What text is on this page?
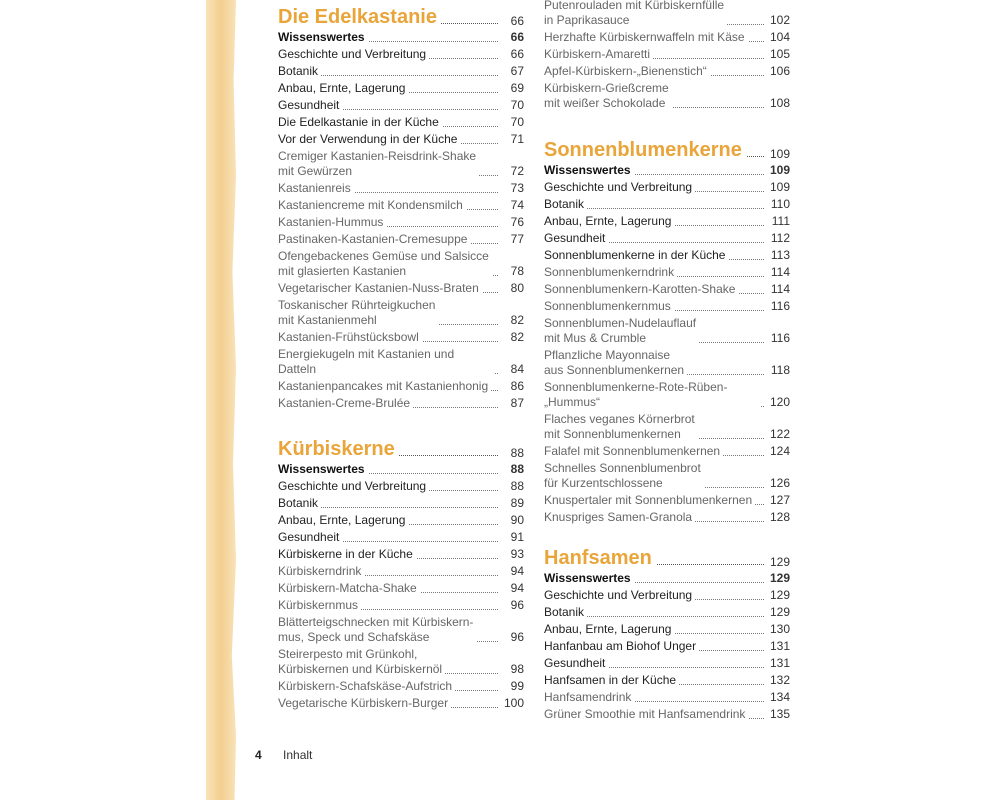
Die Edelkastanie	66
Wissenswertes	66
Geschichte und Verbreitung	66
Botanik	67
Anbau, Ernte, Lagerung	69
Gesundheit	70
Die Edelkastanie in der Küche	70
Vor der Verwendung in der Küche	71
Cremiger Kastanien-Reisdrink-Shake
mit Gewürzen	72
Kastanienreis	73
Kastaniencreme mit Kondensmilch	74
Kastanien-Hummus	76
Pastinaken-Kastanien-Cremesuppe	77
Ofengebackenes Gemüse und Salsicce
mit glasierten Kastanien	78
Vegetarischer Kastanien-Nuss-Braten	80
Toskanischer Rührteigkuchen
mit Kastanienmehl	82
Kastanien-Frühstücksbowl	82
Energiekugeln mit Kastanien und Datteln	84
Kastanienpancakes mit Kastanienhonig 86
Kastanien-Creme-Brulée	87
Kürbiskerne	88
Wissenswertes	88
Geschichte und Verbreitung	88
Botanik	89
Anbau, Ernte, Lagerung	90
Gesundheit	91
Kürbiskerne in der Küche	93
Kürbiskerndrink	94
Kürbiskern-Matcha-Shake	94
Kürbiskernmus	96
Blätterteigschnecken mit Kürbiskern-
mus, Speck und Schafskäse	96
Steirerpesto mit Grünkohl,
Kürbiskernen und Kürbiskernöl	98
Kürbiskern-Schafskäse-Aufstrich	99
Vegetarische Kürbiskern-Burger	100
Putenrouladen mit Kürbiskernfülle
in Paprikasauce	102
Herzhafte Kürbiskernwaffeln mit Käse 104
Kürbiskern-Amaretti	105
Apfel-Kürbiskern-„Bienenstich“	106
Kürbiskern-Grießcreme
mit weißer Schokolade	108
Sonnenblumenkerne	109
Wissenswertes	109
Geschichte und Verbreitung	109
Botanik	110
Anbau, Ernte, Lagerung	111
Gesundheit	112
Sonnenblumenkerne in der Küche	113
Sonnenblumenkerndrink	114
Sonnenblumenkern-Karotten-Shake	114
Sonnenblumenkernmus	116
Sonnenblumen-Nudelauflauf
mit Mus & Crumble	116
Pflanzliche Mayonnaise
aus Sonnenblumenkernen	118
Sonnenblumenkerne-Rote-Rüben-„Hummus“	120
Flaches veganes Körnerbrot
mit Sonnenblumenkernen	122
Falafel mit Sonnenblumenkernen	124
Schnelles Sonnenblumenbrot
für Kurzentschlossene	126
Knuspertaler mit Sonnenblumenkernen 127
Knuspriges Samen-Granola	128
Hanfsamen	129
Wissenswertes	129
Geschichte und Verbreitung	129
Botanik	129
Anbau, Ernte, Lagerung	130
Hanfanbau am Biohof Unger	131
Gesundheit	131
Hanfsamen in der Küche	132
Hanfsamendrink	134
Grüner Smoothie mit Hanfsamendrink 135
4 Inhalt
